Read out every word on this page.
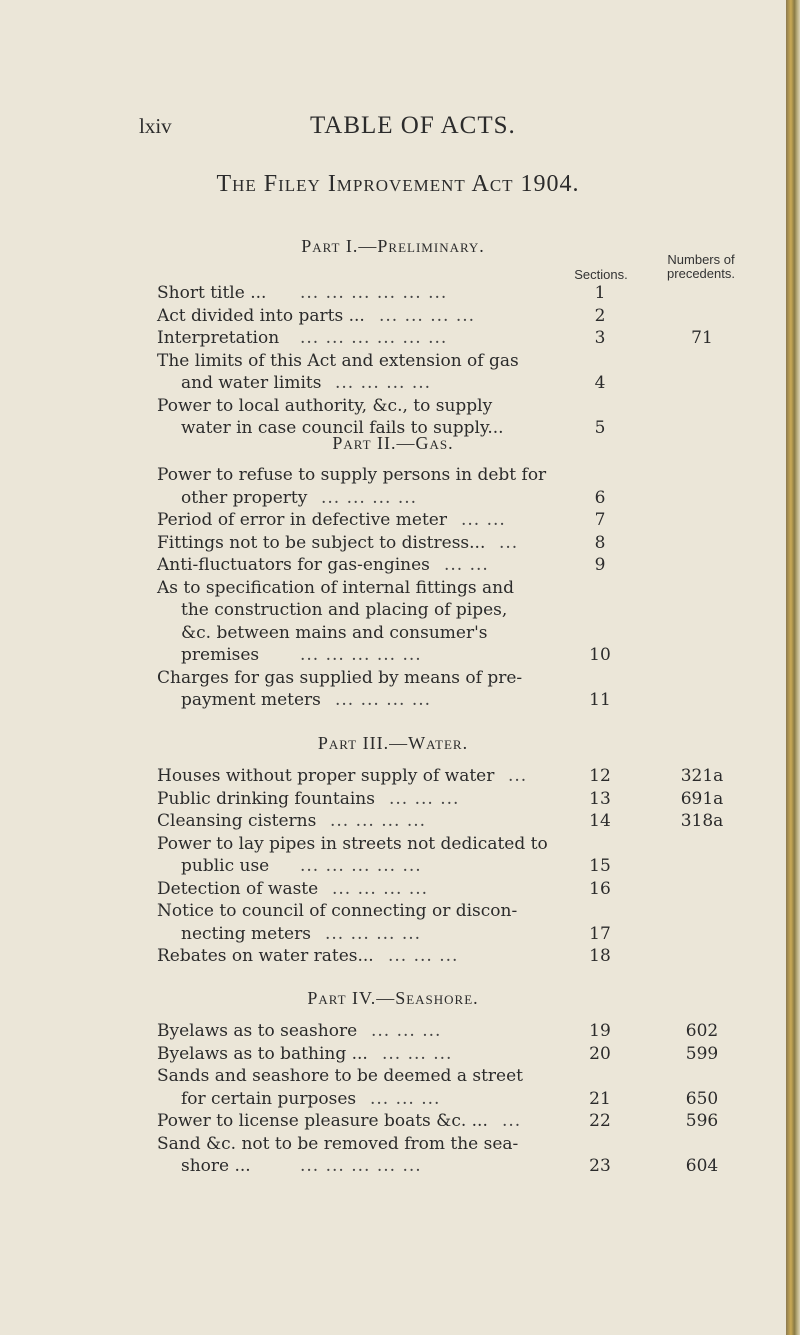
lxiv	TABLE OF ACTS.
The Filey Improvement Act 1904.
Part I.—Preliminary.
Sections.
Numbers of
precedents.
Short title ... ... ... ... ... ... ...	1
Act divided into parts ... ... ... ... ...	2
Interpretation ... ... ... ... ... ...	3	71
The limits of this Act and extension of gas
and water limits ... ... ... ...	4
Power to local authority, &c., to supply
water in case council fails to supply...	5
Part II.—Gas.
Power to refuse to supply persons in debt for
other property ... ... ... ...	6
Period of error in defective meter ... ...	7
Fittings not to be subject to distress... ...	8
Anti-fluctuators for gas-engines ... ...	9
As to specification of internal fittings and
the construction and placing of pipes,
&c. between mains and consumer's
premises ... ... ... ... ...	10
Charges for gas supplied by means of pre-
payment meters ... ... ... ...	11
Part III.—Water.
Houses without proper supply of water ...	12	321a
Public drinking fountains ... ... ...	13	691a
Cleansing cisterns ... ... ... ...	14	318a
Power to lay pipes in streets not dedicated to
public use ... ... ... ... ...	15
Detection of waste ... ... ... ...	16
Notice to council of connecting or discon-
necting meters ... ... ... ...	17
Rebates on water rates... ... ... ...	18
Part IV.—Seashore.
Byelaws as to seashore ... ... ...	19	602
Byelaws as to bathing ... ... ... ...	20	599
Sands and seashore to be deemed a street
for certain purposes ... ... ...	21	650
Power to license pleasure boats &c. ... ...	22	596
Sand &c. not to be removed from the sea-
shore ...	... ... ... ... ...	23	604
